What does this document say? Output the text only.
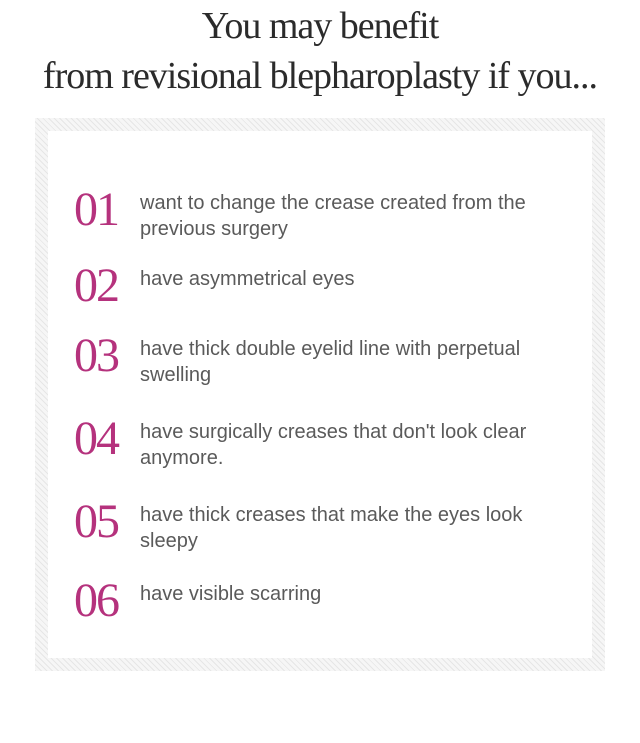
You may benefit
from revisional blepharoplasty if you...
01	want to change the crease created from the previous surgery
02	have asymmetrical eyes
03	have thick double eyelid line with perpetual swelling
04	have surgically creases that don't look clear anymore.
05	have thick creases that make the eyes look sleepy
06	have visible scarring
